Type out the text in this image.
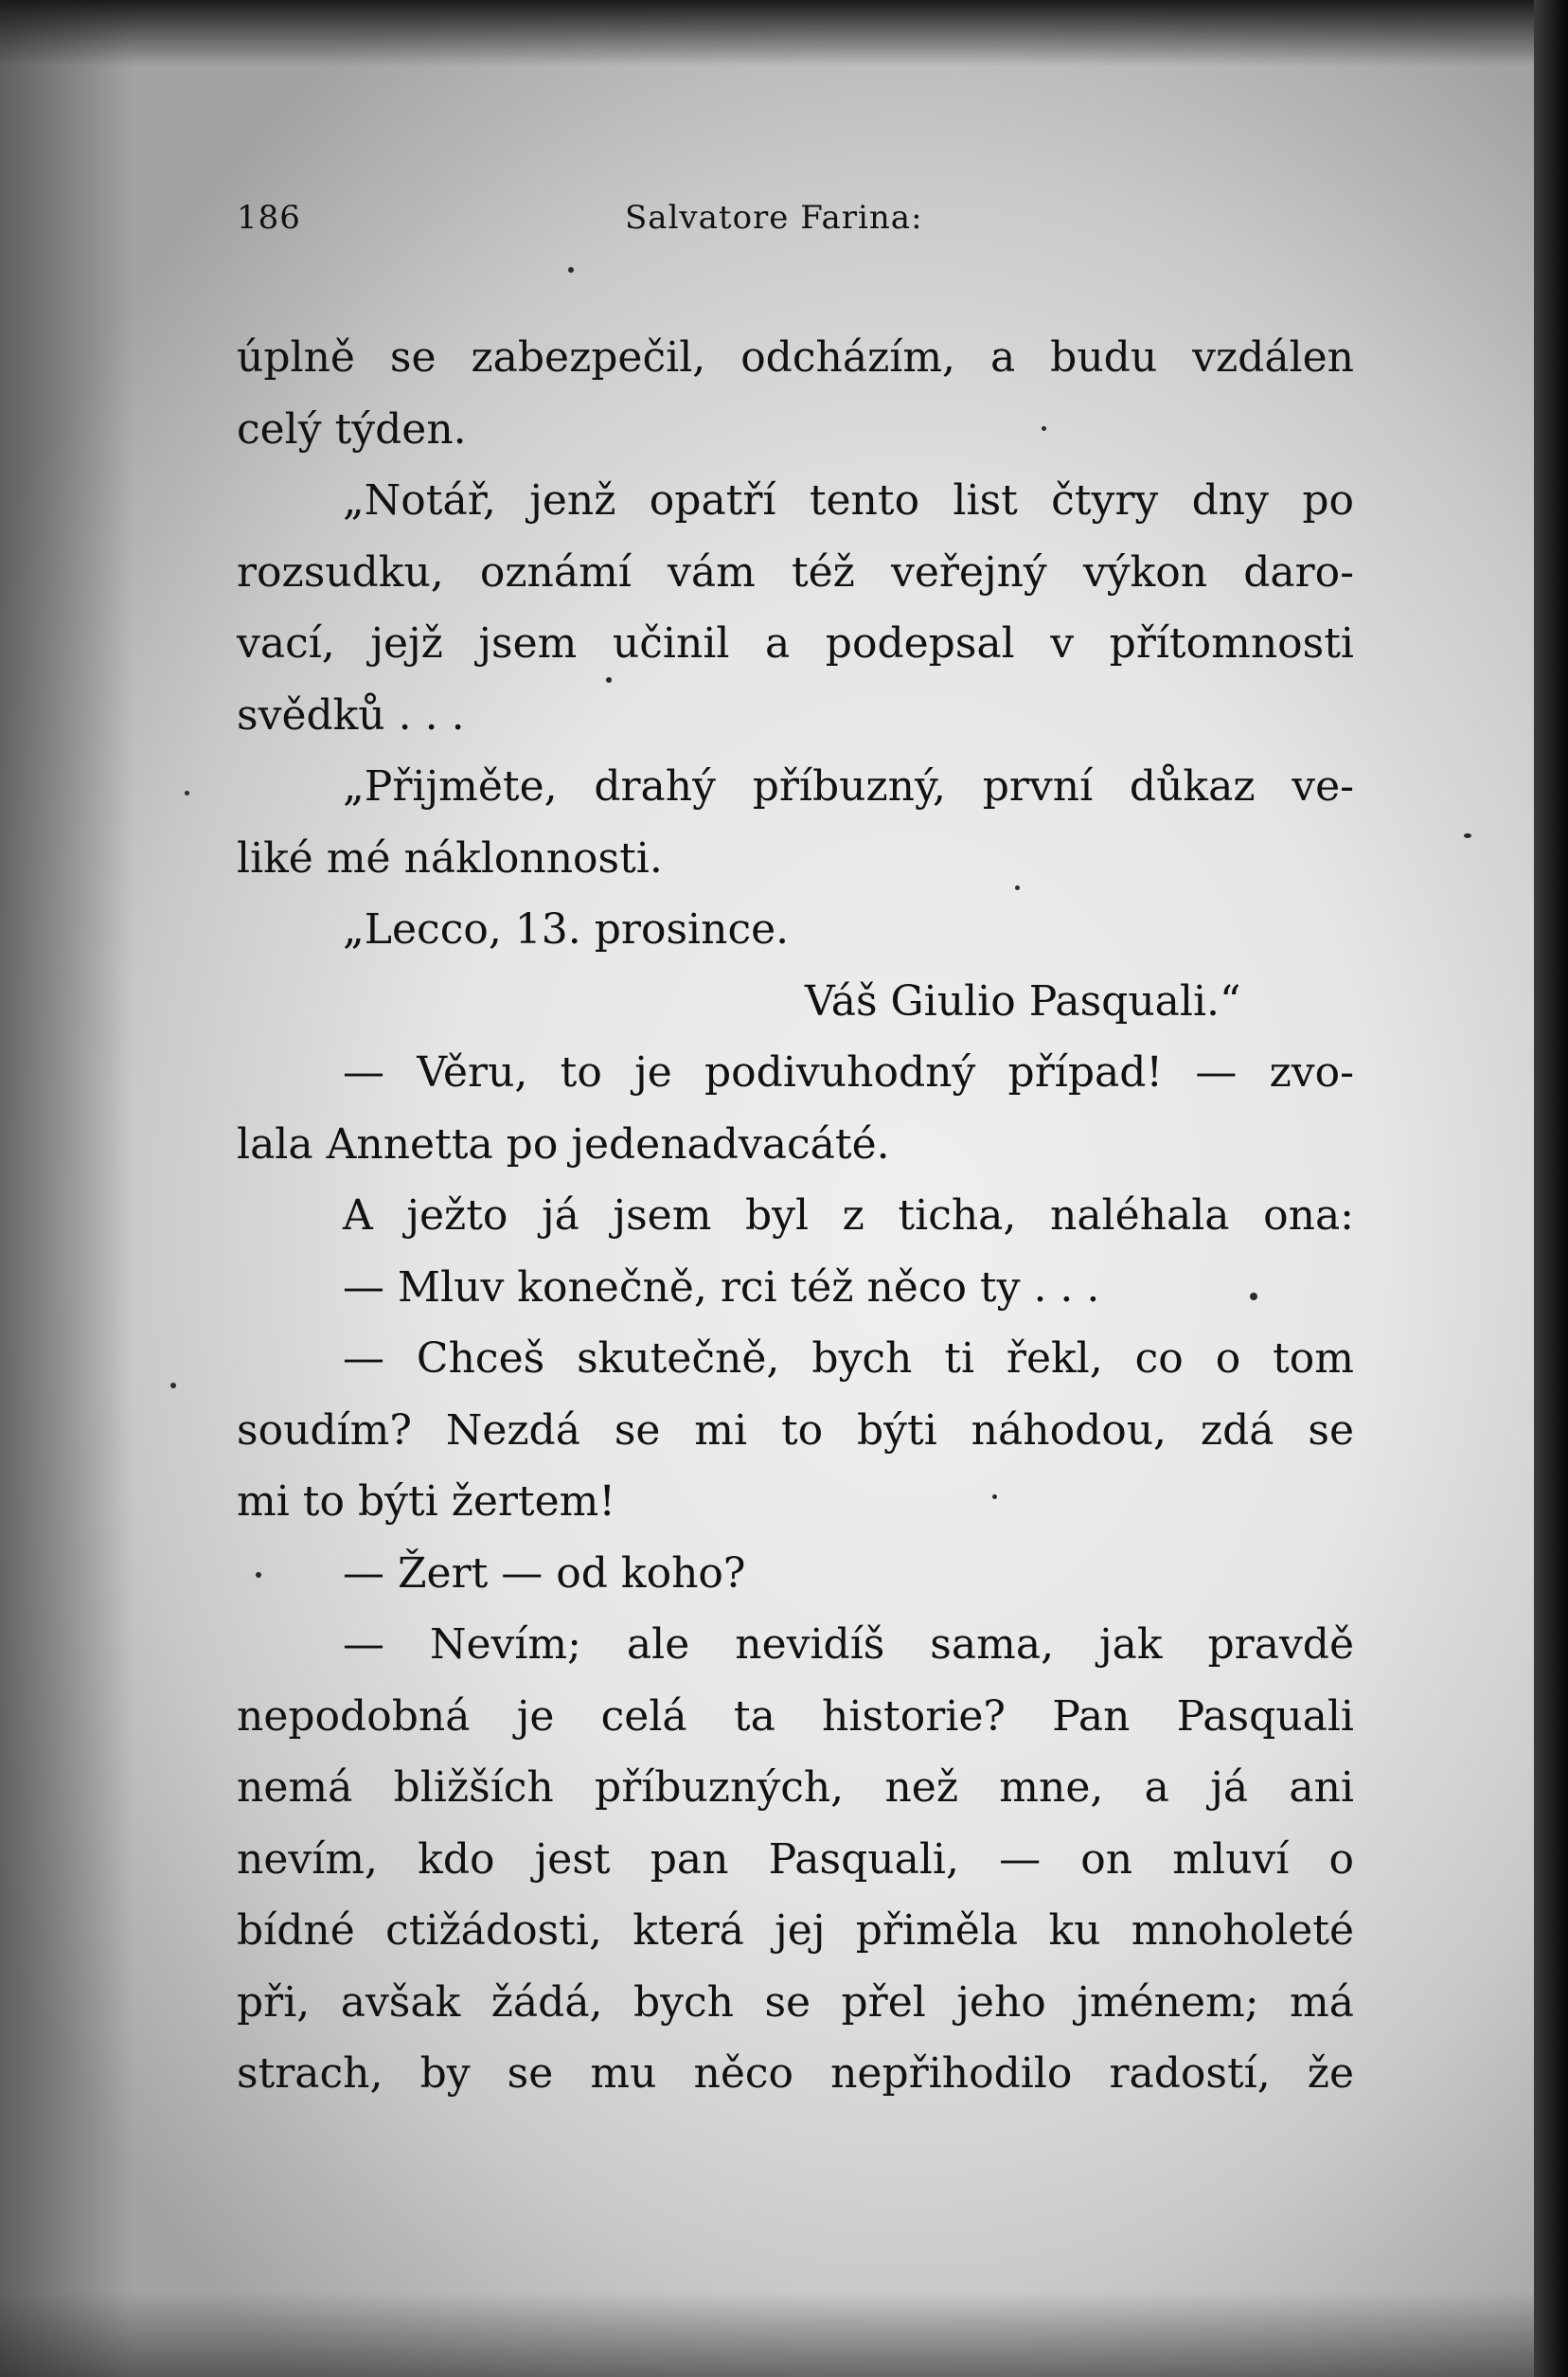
186	Salvatore Farina:
úplně se zabezpečil, odcházím, a budu vzdálen
celý týden.
„Notář, jenž opatří tento list čtyry dny po
rozsudku, oznámí vám též veřejný výkon daro-
vací, jejž jsem učinil a podepsal v přítomnosti
svědků . . .
„Přijměte, drahý příbuzný, první důkaz ve-
liké mé náklonnosti.
„Lecco, 13. prosince.
Váš Giulio Pasquali.“
— Věru, to je podivuhodný případ! — zvo-
lala Annetta po jedenadvacáté.
A ježto já jsem byl z ticha, naléhala ona:
— Mluv konečně, rci též něco ty . . .
— Chceš skutečně, bych ti řekl, co o tom
soudím? Nezdá se mi to býti náhodou, zdá se
mi to býti žertem!
— Žert — od koho?
— Nevím; ale nevidíš sama, jak pravdě
nepodobná je celá ta historie? Pan Pasquali
nemá bližších příbuzných, než mne, a já ani
nevím, kdo jest pan Pasquali, — on mluví o
bídné ctižádosti, která jej přiměla ku mnoholeté
při, avšak žádá, bych se přel jeho jménem; má
strach, by se mu něco nepřihodilo radostí, že
